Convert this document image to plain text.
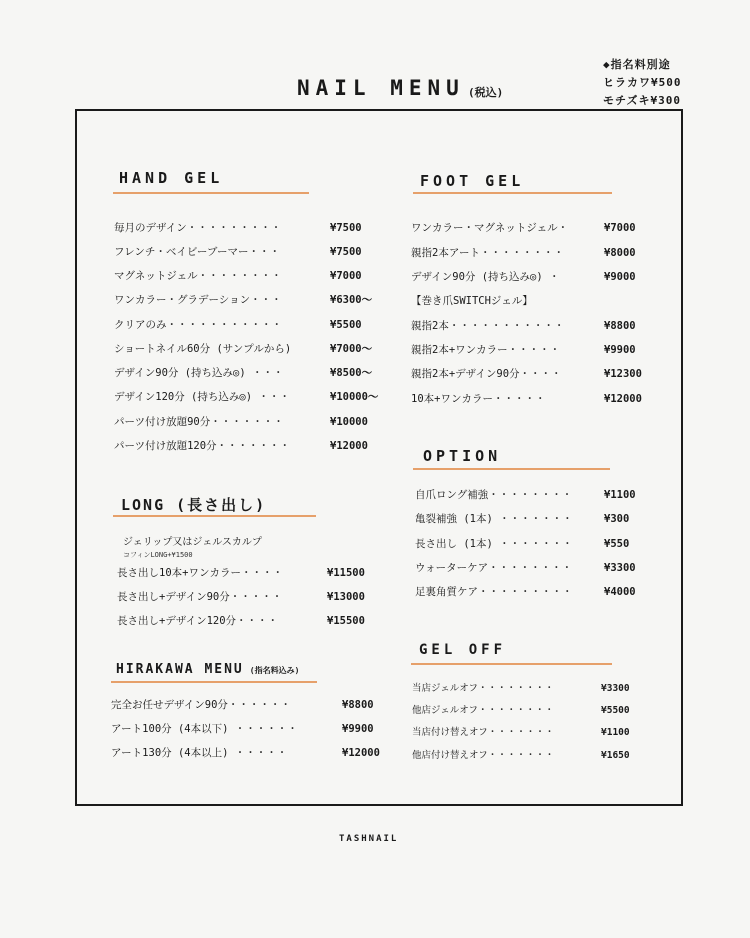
NAIL MENU (税込)
◆指名料別途
ヒラカワ¥500
モチズキ¥300
HAND GEL
毎月のデザイン・・・・・・・・・	¥7500
フレンチ・ベイビーブーマー・・・	¥7500
マグネットジェル・・・・・・・・	¥7000
ワンカラー・グラデーション・・・	¥6300〜
クリアのみ・・・・・・・・・・・	¥5500
ショートネイル60分 (サンプルから)	¥7000〜
デザイン90分 (持ち込み◎) ・・・	¥8500〜
デザイン120分 (持ち込み◎) ・・・	¥10000〜
パーツ付け放題90分・・・・・・・	¥10000
パーツ付け放題120分・・・・・・・	¥12000
LONG (長さ出し)
ジェリップ又はジェルスカルプ
コフィンLONG+¥1500
長さ出し10本+ワンカラー・・・・	¥11500
長さ出し+デザイン90分・・・・・	¥13000
長さ出し+デザイン120分・・・・	¥15500
HIRAKAWA MENU (指名料込み)
完全お任せデザイン90分・・・・・・	¥8800
アート100分 (4本以下) ・・・・・・	¥9900
アート130分 (4本以上) ・・・・・	¥12000
FOOT GEL
ワンカラー・マグネットジェル・	¥7000
親指2本アート・・・・・・・・	¥8000
デザイン90分 (持ち込み◎) ・	¥9000
【巻き爪SWITCHジェル】
親指2本・・・・・・・・・・・	¥8800
親指2本+ワンカラー・・・・・	¥9900
親指2本+デザイン90分・・・・	¥12300
10本+ワンカラー・・・・・	¥12000
OPTION
自爪ロング補強・・・・・・・・	¥1100
亀裂補強 (1本) ・・・・・・・	¥300
長さ出し (1本) ・・・・・・・	¥550
ウォーターケア・・・・・・・・	¥3300
足裏角質ケア・・・・・・・・・	¥4000
GEL OFF
当店ジェルオフ・・・・・・・・	¥3300
他店ジェルオフ・・・・・・・・	¥5500
当店付け替えオフ・・・・・・・	¥1100
他店付け替えオフ・・・・・・・	¥1650
TASHNAIL
